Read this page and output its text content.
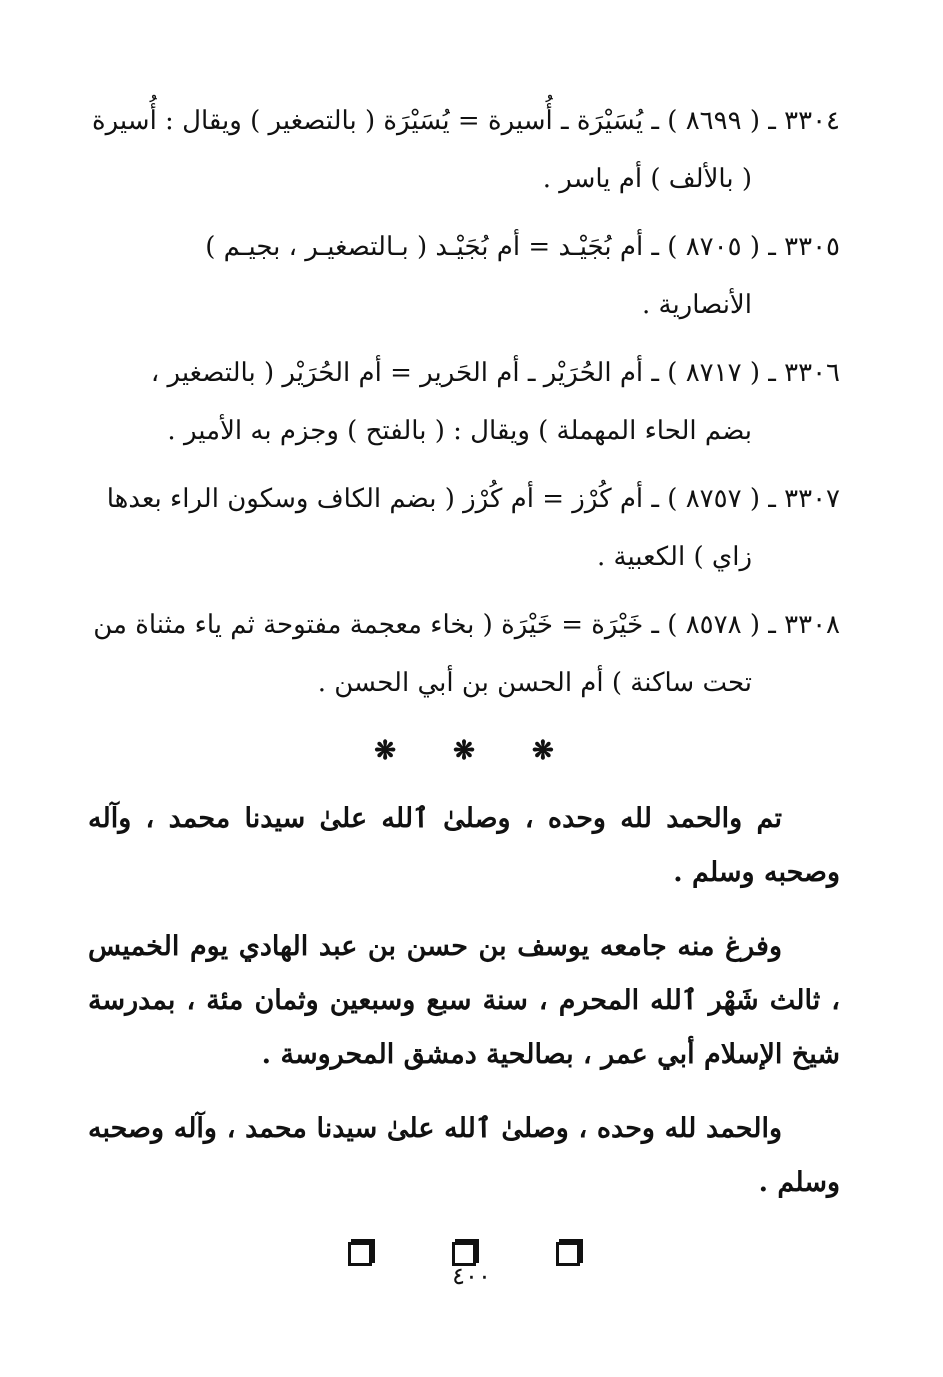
٣٣٠٤ ـ ( ٨٦٩٩ ) ـ يُسَيْرَة ـ أُسيرة = يُسَيْرَة ( بالتصغير ) ويقال : أُسيرة
( بالألف ) أم ياسر .
٣٣٠٥ ـ ( ٨٧٠٥ ) ـ أم بُجَيْـد = أم بُجَيْـد ( بـالتصغيـر ، بجيـم )
الأنصارية .
٣٣٠٦ ـ ( ٨٧١٧ ) ـ أم الحُرَيْر ـ أم الحَرير = أم الحُرَيْر ( بالتصغير ،
بضم الحاء المهملة ) ويقال : ( بالفتح ) وجزم به الأمير .
٣٣٠٧ ـ ( ٨٧٥٧ ) ـ أم كُرْز = أم كُرْز ( بضم الكاف وسكون الراء بعدها
زاي ) الكعبية .
٣٣٠٨ ـ ( ٨٥٧٨ ) ـ خَيْرَة = خَيْرَة ( بخاء معجمة مفتوحة ثم ياء مثناة من
تحت ساكنة ) أم الحسن بن أبي الحسن .
❋ ❋ ❋

تم والحمد لله وحده ، وصلىٰ ٱلله علىٰ سيدنا محمد ، وآله وصحبه وسلم .

وفرغ منه جامعه يوسف بن حسن بن عبد الهادي يوم الخميس ، ثالث شَهْر ٱلله المحرم ، سنة سبع وسبعين وثمان مئة ، بمدرسة شيخ الإسلام أبي عمر ، بصالحية دمشق المحروسة .

والحمد لله وحده ، وصلىٰ ٱلله علىٰ سيدنا محمد ، وآله وصحبه وسلم .

٤٠٠
